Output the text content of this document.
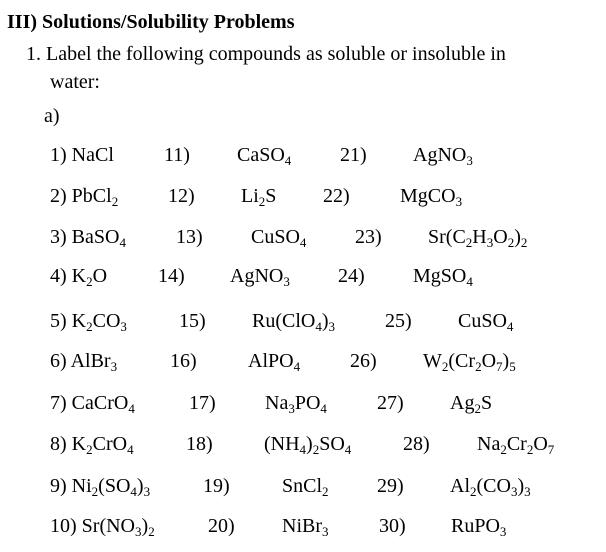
III) Solutions/Solubility Problems
1. Label the following compounds as soluble or insoluble in
water:
a)
1) NaCl	11) CaSO$_4$ 21) AgNO$_3$
2) PbCl$_2$ 12) $Li_2S$ 22)	MgCO$_3$
3) BaSO$_4$	13) CuSO$_4$ 23) $Sr(C_2H_3O_2)_2$
4) $K_2O$	14) AgNO$_3$ 24) MgSO$_4$
5) $K_2CO_3$	15) $Ru(ClO_4)_3$ 25) CuSO$_4$
6) AlBr$_3$	16)	AlPO$_4$ 26) $W_2(Cr_2O_7)_5$
7) CaCrO$_4$	17) $Na_3PO_4$	27) $Ag_2S$
8) $K_2CrO_4$	18)	$(NH_4)_2SO_4$	28) $Na_2Cr_2O_7$
9) $Ni_2(SO_4)_3$	19)	SnCl$_2$ 29) $Al_2(CO_3)_3$
10) $Sr(NO_3)_2$	20) NiBr$_3$	30) RuPO$_3$
